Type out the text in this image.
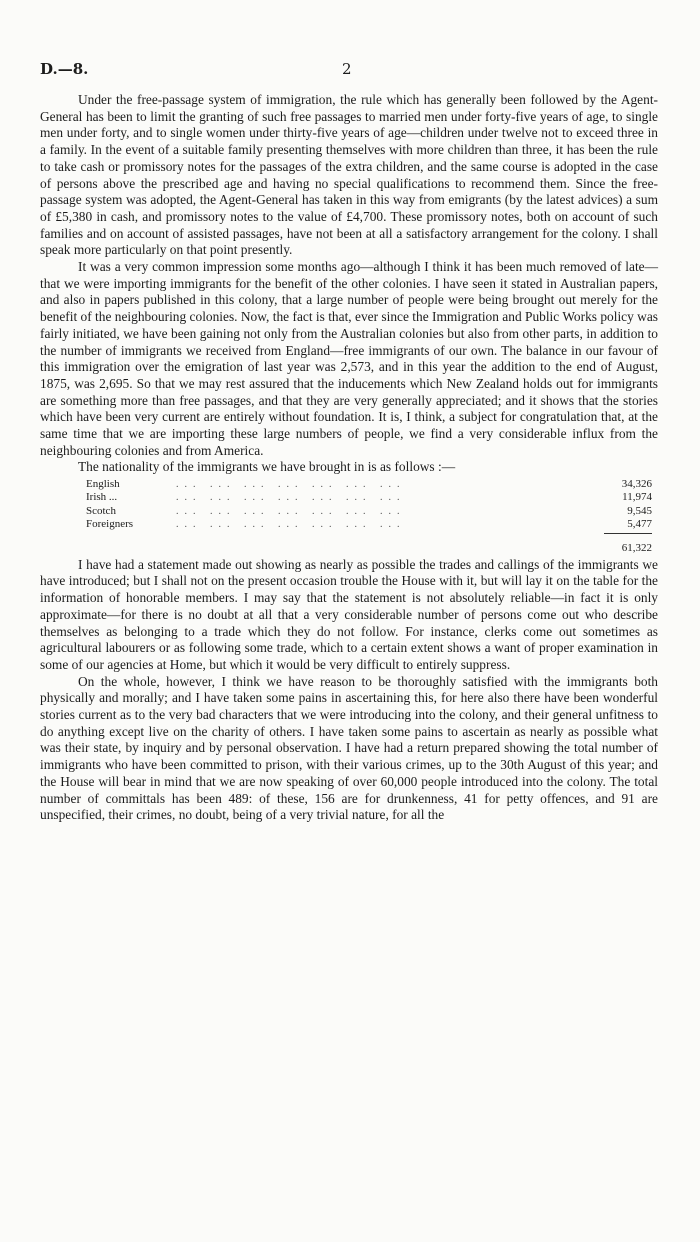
D.—8.	2

Under the free-passage system of immigration, the rule which has generally been followed by the Agent-General has been to limit the granting of such free passages to married men under forty-five years of age, to single men under forty, and to single women under thirty-five years of age—children under twelve not to exceed three in a family. In the event of a suitable family presenting themselves with more children than three, it has been the rule to take cash or promissory notes for the passages of the extra children, and the same course is adopted in the case of persons above the prescribed age and having no special qualifications to recommend them. Since the free-passage system was adopted, the Agent-General has taken in this way from emigrants (by the latest advices) a sum of £5,380 in cash, and promissory notes to the value of £4,700. These promissory notes, both on account of such families and on account of assisted passages, have not been at all a satisfactory arrangement for the colony. I shall speak more particularly on that point presently.

It was a very common impression some months ago—although I think it has been much removed of late—that we were importing immigrants for the benefit of the other colonies. I have seen it stated in Australian papers, and also in papers published in this colony, that a large number of people were being brought out merely for the benefit of the neighbouring colonies. Now, the fact is that, ever since the Immigration and Public Works policy was fairly initiated, we have been gaining not only from the Australian colonies but also from other parts, in addition to the number of immigrants we received from England—free immigrants of our own. The balance in our favour of this immigration over the emigration of last year was 2,573, and in this year the addition to the end of August, 1875, was 2,695. So that we may rest assured that the inducements which New Zealand holds out for immigrants are something more than free passages, and that they are very generally appreciated; and it shows that the stories which have been very current are entirely without foundation. It is, I think, a subject for congratulation that, at the same time that we are importing these large numbers of people, we find a very considerable influx from the neighbouring colonies and from America.

The nationality of the immigrants we have brought in is as follows :—

English	... ... ... ... ... ... ...	34,326
Irish ...	... ... ... ... ... ... ...	11,974
Scotch	... ... ... ... ... ... ...	9,545
Foreigners	... ... ... ... ... ... ...	5,477
61,322

I have had a statement made out showing as nearly as possible the trades and callings of the immigrants we have introduced; but I shall not on the present occasion trouble the House with it, but will lay it on the table for the information of honorable members. I may say that the statement is not absolutely reliable—in fact it is only approximate—for there is no doubt at all that a very considerable number of persons come out who describe themselves as belonging to a trade which they do not follow. For instance, clerks come out sometimes as agricultural labourers or as following some trade, which to a certain extent shows a want of proper examination in some of our agencies at Home, but which it would be very difficult to entirely suppress.

On the whole, however, I think we have reason to be thoroughly satisfied with the immigrants both physically and morally; and I have taken some pains in ascertaining this, for here also there have been wonderful stories current as to the very bad characters that we were introducing into the colony, and their general unfitness to do anything except live on the charity of others. I have taken some pains to ascertain as nearly as possible what was their state, by inquiry and by personal observation. I have had a return prepared showing the total number of immigrants who have been committed to prison, with their various crimes, up to the 30th August of this year; and the House will bear in mind that we are now speaking of over 60,000 people introduced into the colony. The total number of committals has been 489: of these, 156 are for drunkenness, 41 for petty offences, and 91 are unspecified, their crimes, no doubt, being of a very trivial nature, for all the
